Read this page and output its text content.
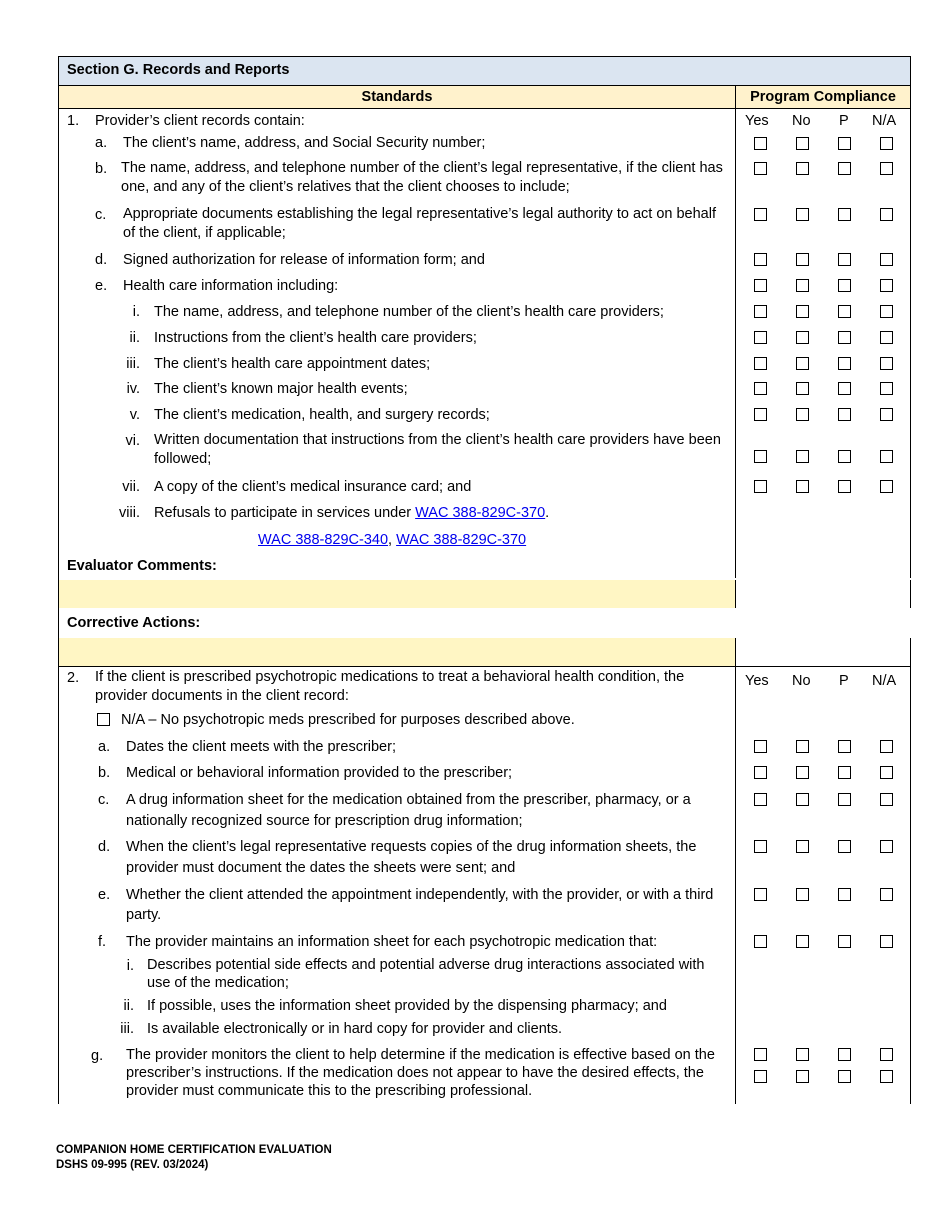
Section G. Records and Reports
Standards	Program Compliance
Yes No P N/A
1. Provider’s client records contain:
a. The client’s name, address, and Social Security number;
b. The name, address, and telephone number of the client’s legal representative, if the client has one, and any of the client’s relatives that the client chooses to include;
c. Appropriate documents establishing the legal representative’s legal authority to act on behalf of the client, if applicable;
d. Signed authorization for release of information form; and
e. Health care information including:
i. The name, address, and telephone number of the client’s health care providers;
ii. Instructions from the client’s health care providers;
iii. The client’s health care appointment dates;
iv. The client’s known major health events;
v. The client’s medication, health, and surgery records;
vi. Written documentation that instructions from the client’s health care providers have been followed;
vii. A copy of the client’s medical insurance card; and
viii. Refusals to participate in services under WAC 388-829C-370.
WAC 388-829C-340, WAC 388-829C-370
Evaluator Comments:
Corrective Actions:
2. If the client is prescribed psychotropic medications to treat a behavioral health condition, the provider documents in the client record:
Yes No P N/A
N/A – No psychotropic meds prescribed for purposes described above.
a. Dates the client meets with the prescriber;
b. Medical or behavioral information provided to the prescriber;
c. A drug information sheet for the medication obtained from the prescriber, pharmacy, or a nationally recognized source for prescription drug information;
d. When the client’s legal representative requests copies of the drug information sheets, the provider must document the dates the sheets were sent; and
e. Whether the client attended the appointment independently, with the provider, or with a third party.
f. The provider maintains an information sheet for each psychotropic medication that:
i. Describes potential side effects and potential adverse drug interactions associated with use of the medication;
ii. If possible, uses the information sheet provided by the dispensing pharmacy; and
iii. Is available electronically or in hard copy for provider and clients.
g. The provider monitors the client to help determine if the medication is effective based on the prescriber’s instructions. If the medication does not appear to have the desired effects, the provider must communicate this to the prescribing professional.
COMPANION HOME CERTIFICATION EVALUATION
DSHS 09-995 (REV. 03/2024)
